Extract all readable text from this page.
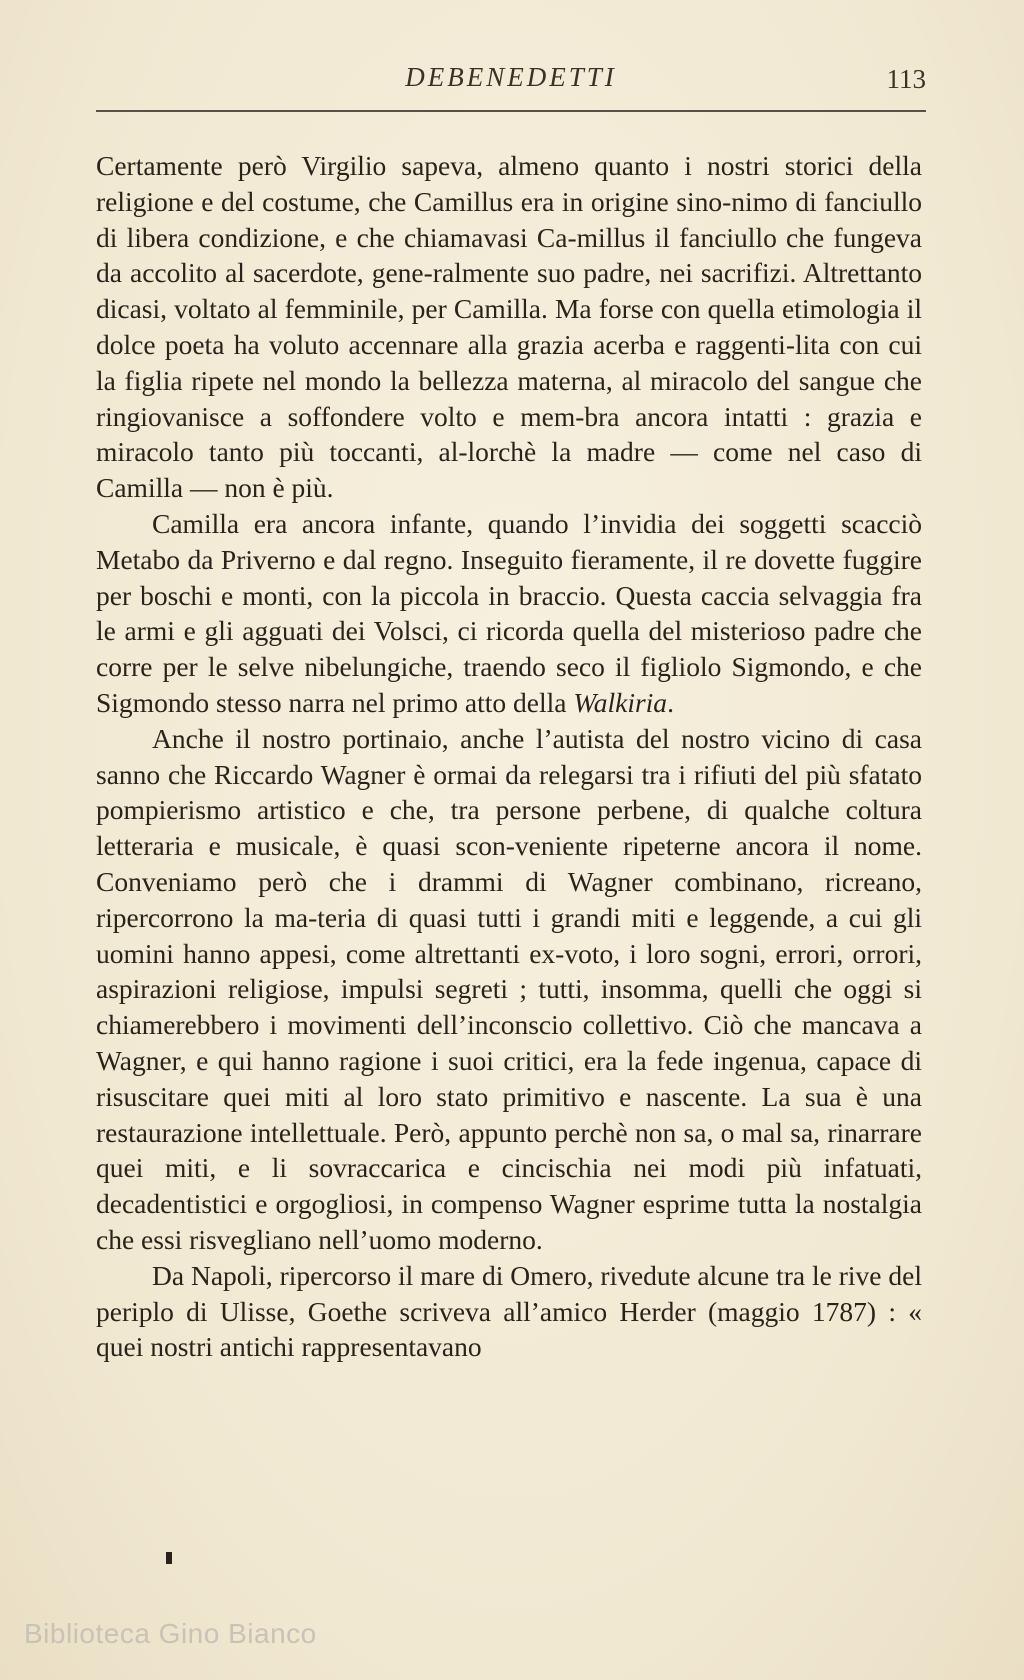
DEBENEDETTI	113

Certamente però Virgilio sapeva, almeno quanto i nostri storici della religione e del costume, che Camillus era in origine sino-nimo di fanciullo di libera condizione, e che chiamavasi Ca-millus il fanciullo che fungeva da accolito al sacerdote, gene-ralmente suo padre, nei sacrifizi. Altrettanto dicasi, voltato al femminile, per Camilla. Ma forse con quella etimologia il dolce poeta ha voluto accennare alla grazia acerba e raggenti-lita con cui la figlia ripete nel mondo la bellezza materna, al miracolo del sangue che ringiovanisce a soffondere volto e mem-bra ancora intatti : grazia e miracolo tanto più toccanti, al-lorchè la madre — come nel caso di Camilla — non è più.

Camilla era ancora infante, quando l’invidia dei soggetti scacciò Metabo da Priverno e dal regno. Inseguito fieramente, il re dovette fuggire per boschi e monti, con la piccola in braccio. Questa caccia selvaggia fra le armi e gli agguati dei Volsci, ci ricorda quella del misterioso padre che corre per le selve nibelungiche, traendo seco il figliolo Sigmondo, e che Sigmondo stesso narra nel primo atto della Walkiria.

Anche il nostro portinaio, anche l’autista del nostro vicino di casa sanno che Riccardo Wagner è ormai da relegarsi tra i rifiuti del più sfatato pompierismo artistico e che, tra persone perbene, di qualche coltura letteraria e musicale, è quasi scon-veniente ripeterne ancora il nome. Conveniamo però che i drammi di Wagner combinano, ricreano, ripercorrono la ma-teria di quasi tutti i grandi miti e leggende, a cui gli uomini hanno appesi, come altrettanti ex-voto, i loro sogni, errori, orrori, aspirazioni religiose, impulsi segreti ; tutti, insomma, quelli che oggi si chiamerebbero i movimenti dell’inconscio collettivo. Ciò che mancava a Wagner, e qui hanno ragione i suoi critici, era la fede ingenua, capace di risuscitare quei miti al loro stato primitivo e nascente. La sua è una restaurazione intellettuale. Però, appunto perchè non sa, o mal sa, rinarrare quei miti, e li sovraccarica e cincischia nei modi più infatuati, decadentistici e orgogliosi, in compenso Wagner esprime tutta la nostalgia che essi risvegliano nell’uomo moderno.

Da Napoli, ripercorso il mare di Omero, rivedute alcune tra le rive del periplo di Ulisse, Goethe scriveva all’amico Herder (maggio 1787) : « quei nostri antichi rappresentavano

Biblioteca Gino Bianco
